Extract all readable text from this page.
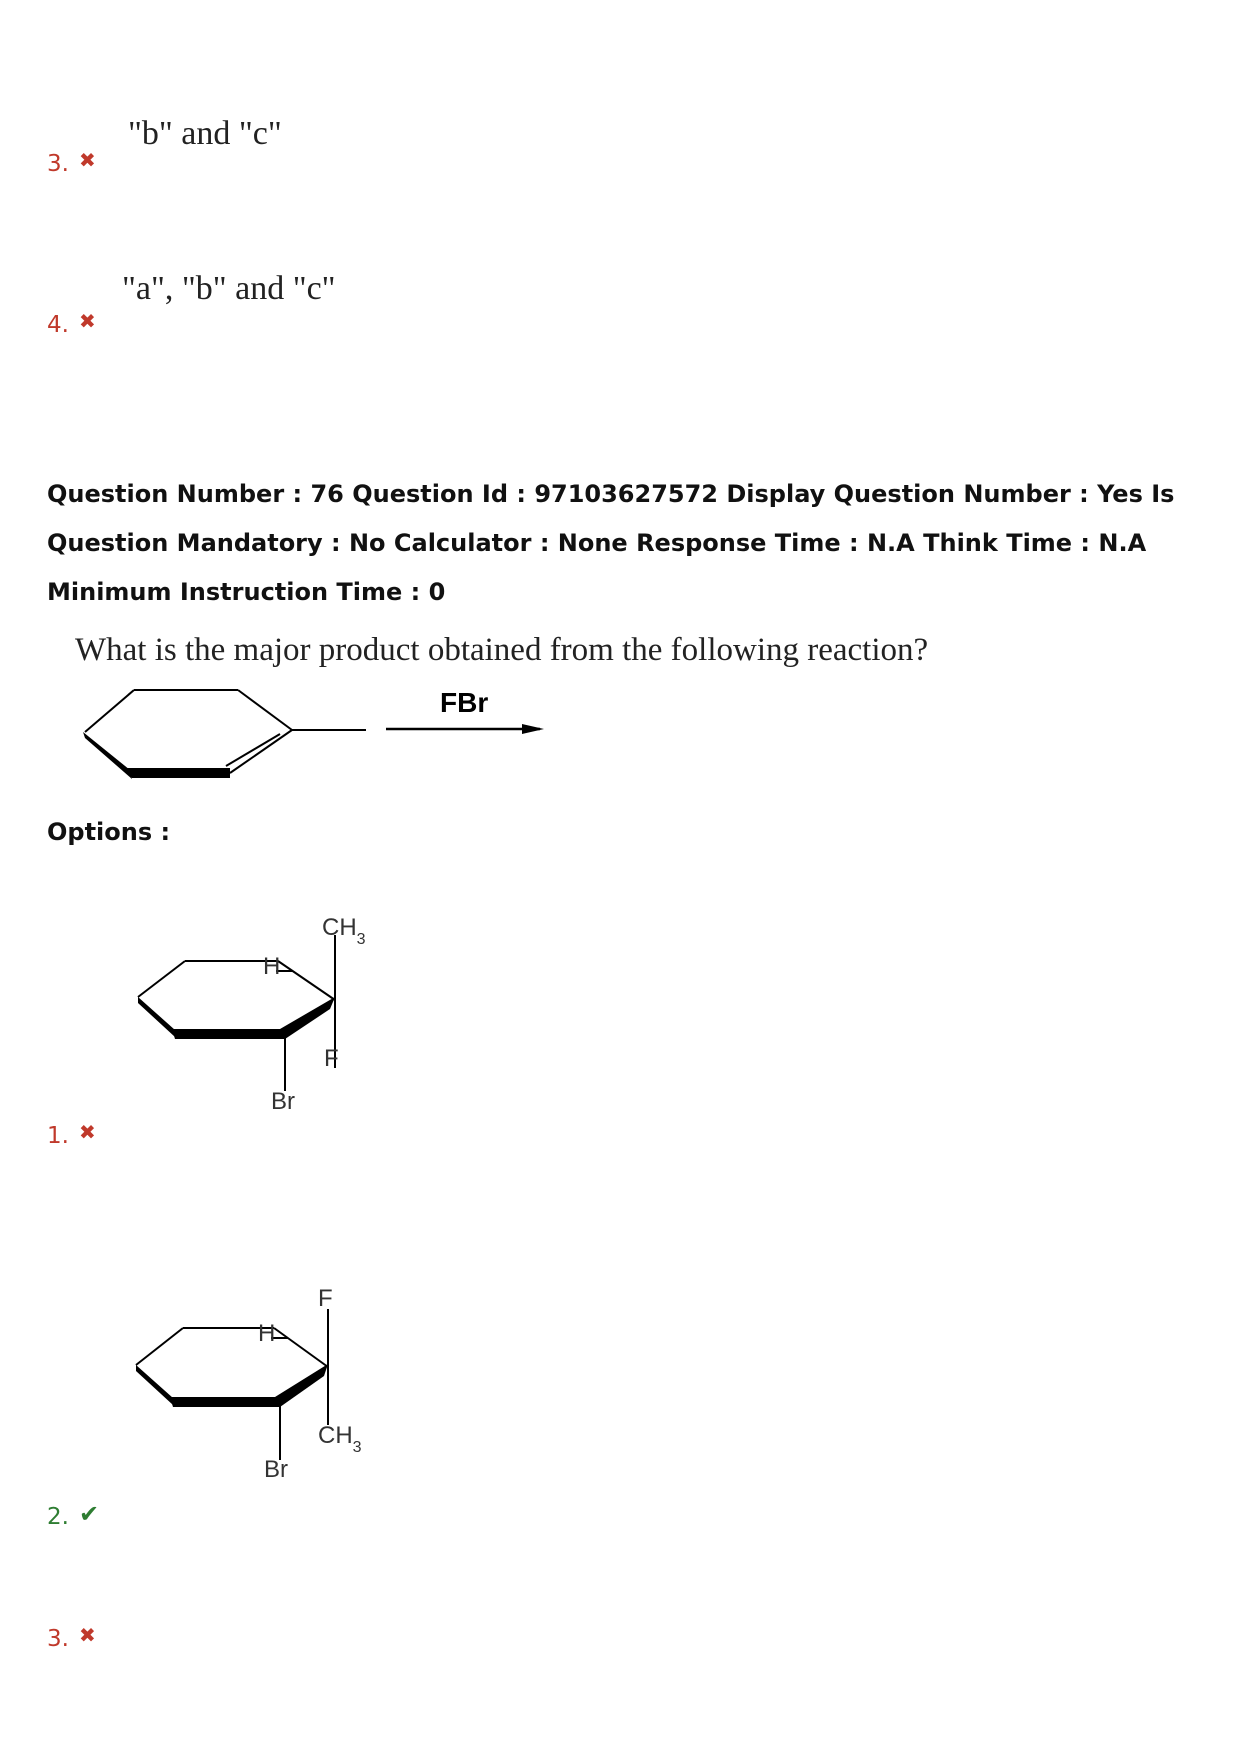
"b" and "c"
3. ✖
"a", "b" and "c"
4. ✖
Question Number : 76 Question Id : 97103627572 Display Question Number : Yes Is Question Mandatory : No Calculator : None Response Time : N.A Think Time : N.A Minimum Instruction Time : 0
What is the major product obtained from the following reaction?
FBr
Options :
$CH_3$
F
H
Br
1. ✖
F
$CH_3$
H
Br
2. ✔
3. ✖
